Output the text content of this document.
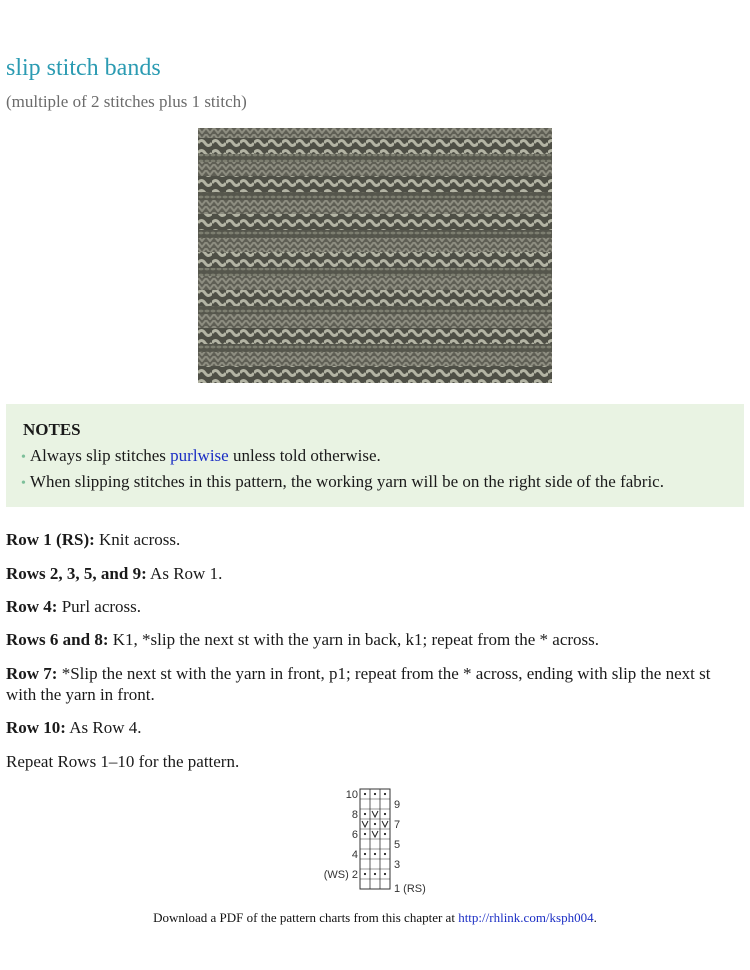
slip stitch bands

(multiple of 2 stitches plus 1 stitch)

NOTES
• Always slip stitches purlwise unless told otherwise.
• When slipping stitches in this pattern, the working yarn will be on the right side of the fabric.

Row 1 (RS): Knit across.

Rows 2, 3, 5, and 9: As Row 1.

Row 4: Purl across.

Rows 6 and 8: K1, *slip the next st with the yarn in back, k1; repeat from the * across.

Row 7: *Slip the next st with the yarn in front, p1; repeat from the * across, ending with slip the next st with the yarn in front.

Row 10: As Row 4.

Repeat Rows 1–10 for the pattern.

10
8
6
4
(WS) 2
9
7
5
3
1 (RS)
Download a PDF of the pattern charts from this chapter at http://rhlink.com/ksph004.
